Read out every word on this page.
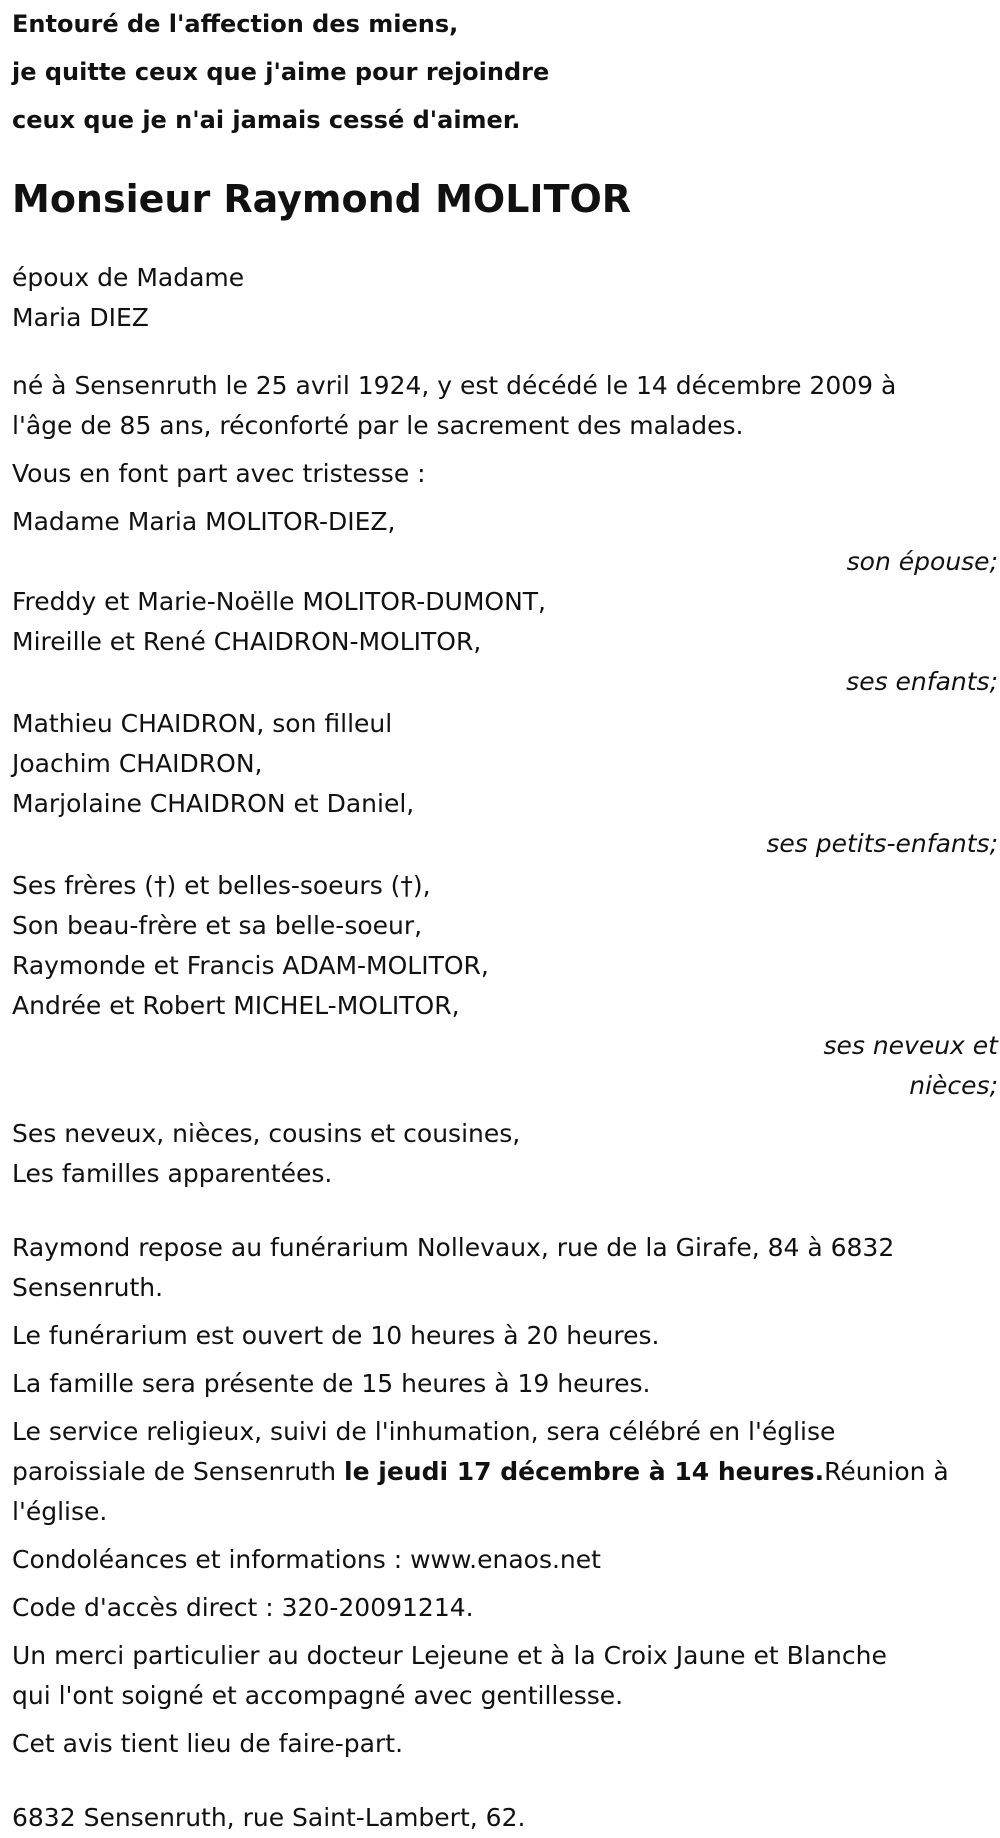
Entouré de l'affection des miens,

je quitte ceux que j'aime pour rejoindre

ceux que je n'ai jamais cessé d'aimer.

Monsieur Raymond MOLITOR
époux de Madame
Maria DIEZ
né à Sensenruth le 25 avril 1924, y est décédé le 14 décembre 2009 à
l'âge de 85 ans, réconforté par le sacrement des malades.
Vous en font part avec tristesse :
Madame Maria MOLITOR-DIEZ,
son épouse;
Freddy et Marie-Noëlle MOLITOR-DUMONT,
Mireille et René CHAIDRON-MOLITOR,
ses enfants;
Mathieu CHAIDRON, son filleul
Joachim CHAIDRON,
Marjolaine CHAIDRON et Daniel,
ses petits-enfants;
Ses frères (†) et belles-soeurs (†),
Son beau-frère et sa belle-soeur,
Raymonde et Francis ADAM-MOLITOR,
Andrée et Robert MICHEL-MOLITOR,
ses neveux et
nièces;
Ses neveux, nièces, cousins et cousines,
Les familles apparentées.
Raymond repose au funérarium Nollevaux, rue de la Girafe, 84 à 6832
Sensenruth.
Le funérarium est ouvert de 10 heures à 20 heures.
La famille sera présente de 15 heures à 19 heures.
Le service religieux, suivi de l'inhumation, sera célébré en l'église
paroissiale de Sensenruth le jeudi 17 décembre à 14 heures.Réunion à
l'église.
Condoléances et informations : www.enaos.net
Code d'accès direct : 320-20091214.
Un merci particulier au docteur Lejeune et à la Croix Jaune et Blanche
qui l'ont soigné et accompagné avec gentillesse.
Cet avis tient lieu de faire-part.
6832 Sensenruth, rue Saint-Lambert, 62.
